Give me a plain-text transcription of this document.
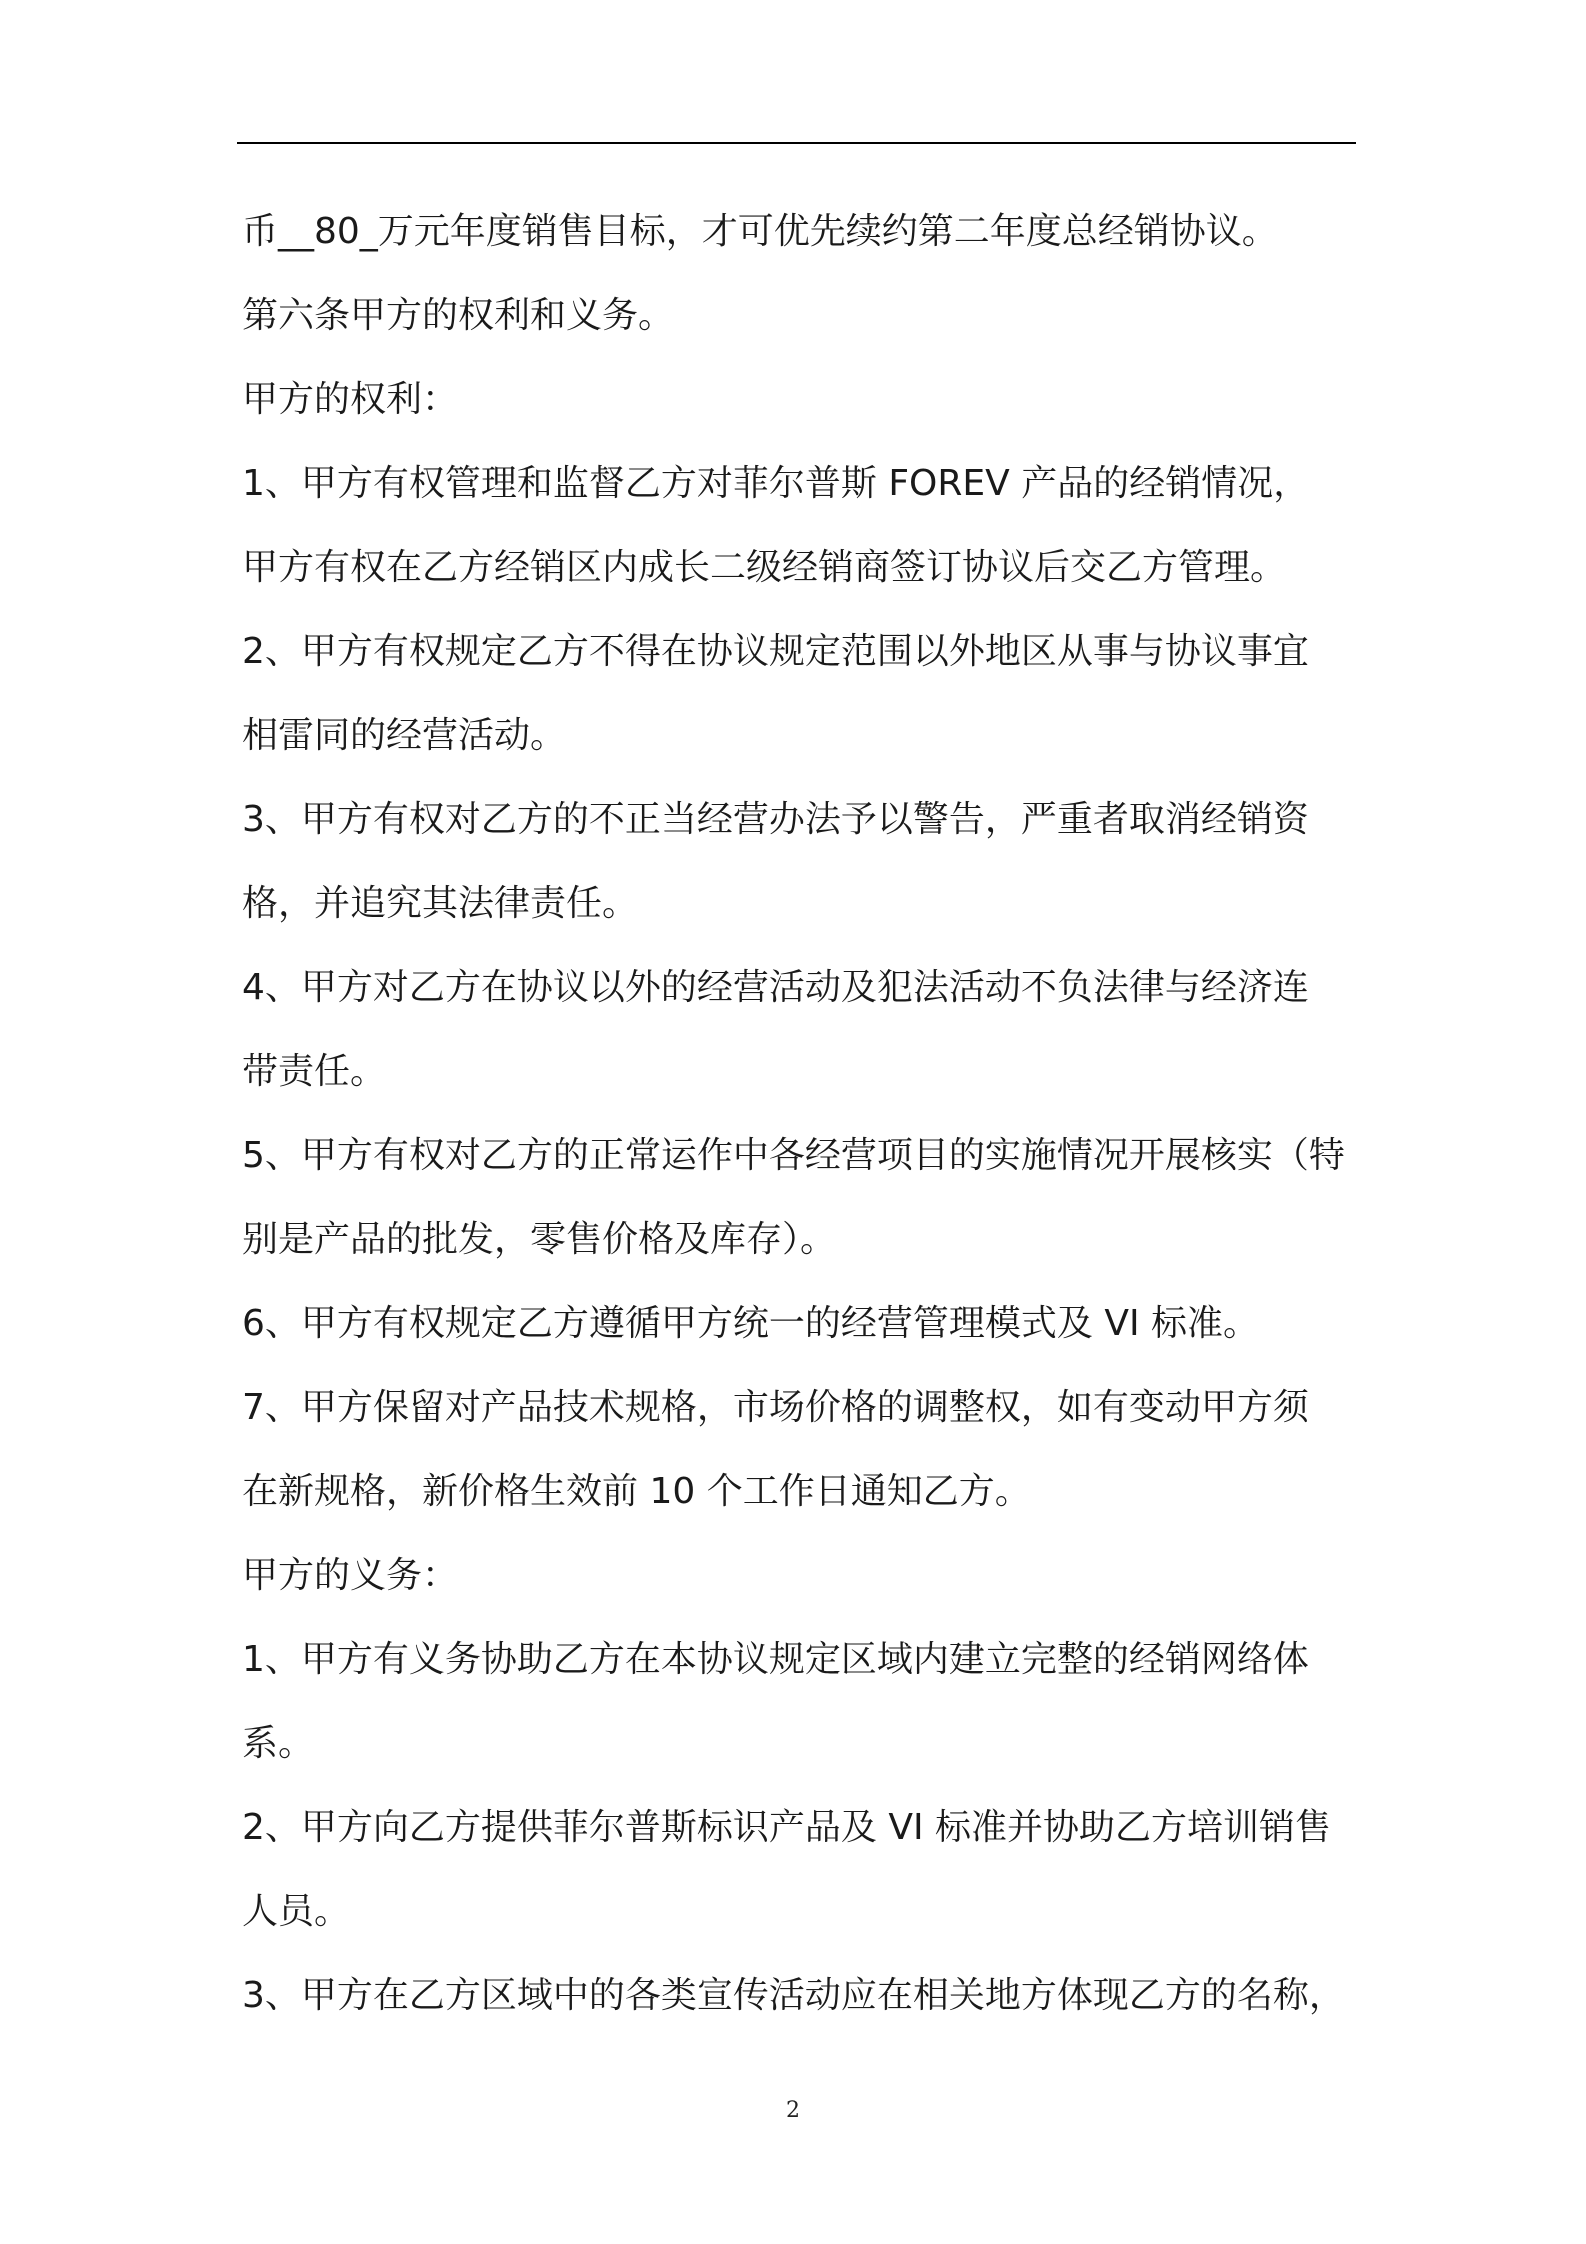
币__80_万元年度销售目标，才可优先续约第二年度总经销协议。
第六条甲方的权利和义务。
甲方的权利：
1、甲方有权管理和监督乙方对菲尔普斯 FOREV 产品的经销情况，
甲方有权在乙方经销区内成长二级经销商签订协议后交乙方管理。
2、甲方有权规定乙方不得在协议规定范围以外地区从事与协议事宜
相雷同的经营活动。
3、甲方有权对乙方的不正当经营办法予以警告，严重者取消经销资
格，并追究其法律责任。
4、甲方对乙方在协议以外的经营活动及犯法活动不负法律与经济连
带责任。
5、甲方有权对乙方的正常运作中各经营项目的实施情况开展核实（特
别是产品的批发，零售价格及库存）。
6、甲方有权规定乙方遵循甲方统一的经营管理模式及 VI 标准。
7、甲方保留对产品技术规格，市场价格的调整权，如有变动甲方须
在新规格，新价格生效前 10 个工作日通知乙方。
甲方的义务：
1、甲方有义务协助乙方在本协议规定区域内建立完整的经销网络体
系。
2、甲方向乙方提供菲尔普斯标识产品及 VI 标准并协助乙方培训销售
人员。
3、甲方在乙方区域中的各类宣传活动应在相关地方体现乙方的名称，
2
